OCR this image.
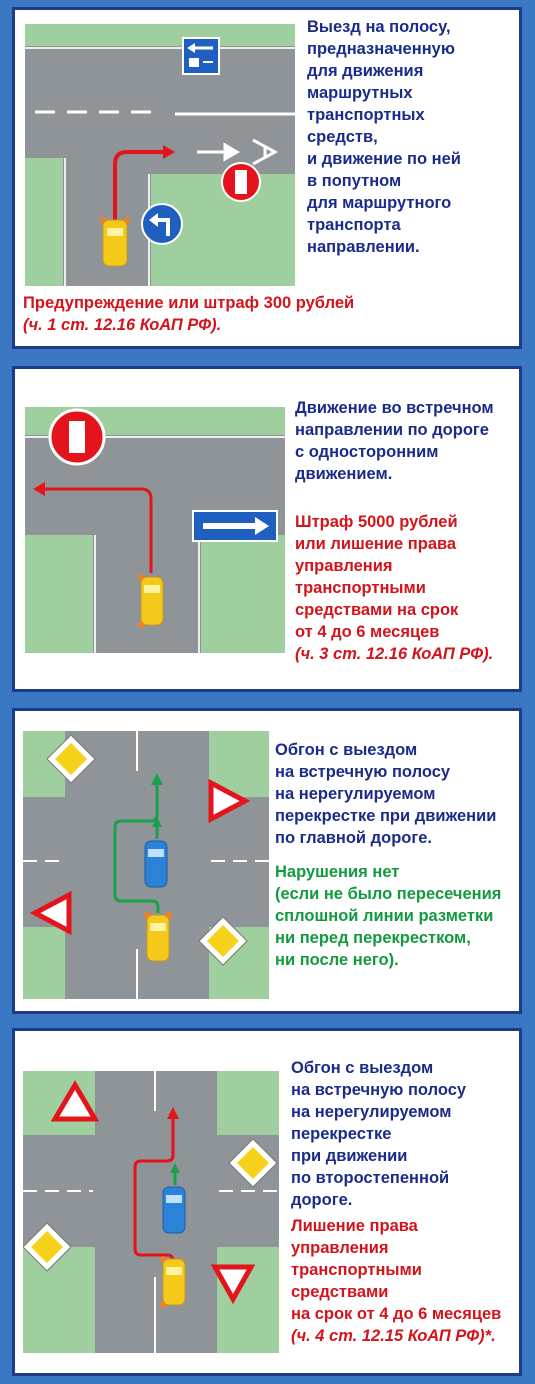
Выезд на полосу,

предназначенную

для движения

маршрутных

транспортных

средств,

и движение по ней

в попутном

для маршрутного

транспорта

направлении.

Предупреждение или штраф 300 рублей

(ч. 1 ст. 12.16 КоАП РФ).

Движение во встречном

направлении по дороге

с односторонним

движением.

Штраф 5000 рублей

или лишение права

управления

транспортными

средствами на срок

от 4 до 6 месяцев

(ч. 3 ст. 12.16 КоАП РФ).

Обгон с выездом

на встречную полосу

на нерегулируемом

перекрестке при движении

по главной дороге.

Нарушения нет

(если не было пересечения

сплошной линии разметки

ни перед перекрестком,

ни после него).

Обгон с выездом

на встречную полосу

на нерегулируемом

перекрестке

при движении

по второстепенной

дороге.

Лишение права

управления

транспортными

средствами

на срок от 4 до 6 месяцев

(ч. 4 ст. 12.15 КоАП РФ)*.
